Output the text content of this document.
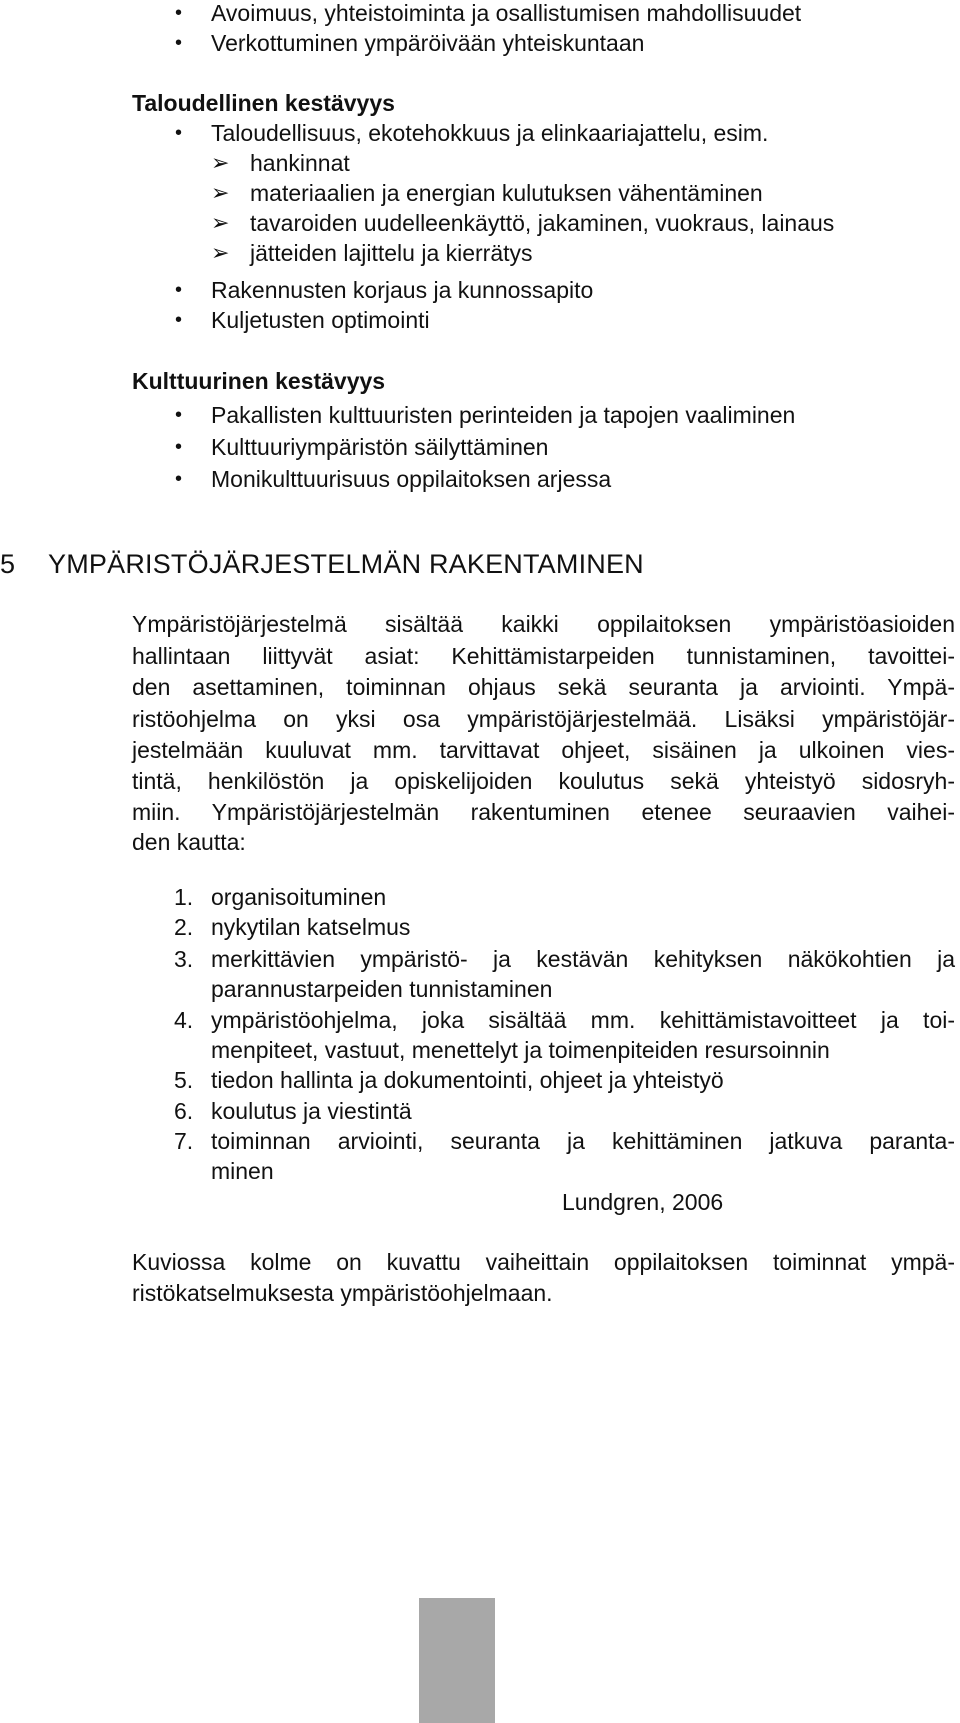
• Avoimuus, yhteistoiminta ja osallistumisen mahdollisuudet
• Verkottuminen ympäröivään yhteiskuntaan
Taloudellinen kestävyys
• Taloudellisuus, ekotehokkuus ja elinkaariajattelu, esim.
➢ hankinnat
➢ materiaalien ja energian kulutuksen vähentäminen
➢ tavaroiden uudelleenkäyttö, jakaminen, vuokraus, lainaus
➢ jätteiden lajittelu ja kierrätys
• Rakennusten korjaus ja kunnossapito
• Kuljetusten optimointi
Kulttuurinen kestävyys
• Pakallisten kulttuuristen perinteiden ja tapojen vaaliminen
• Kulttuuriympäristön säilyttäminen
• Monikulttuurisuus oppilaitoksen arjessa
5 YMPÄRISTÖJÄRJESTELMÄN RAKENTAMINEN
Ympäristöjärjestelmä sisältää kaikki oppilaitoksen ympäristöasioiden
hallintaan liittyvät asiat: Kehittämistarpeiden tunnistaminen, tavoittei-
den asettaminen, toiminnan ohjaus sekä seuranta ja arviointi. Ympä-
ristöohjelma on yksi osa ympäristöjärjestelmää. Lisäksi ympäristöjär-
jestelmään kuuluvat mm. tarvittavat ohjeet, sisäinen ja ulkoinen vies-
tintä, henkilöstön ja opiskelijoiden koulutus sekä yhteistyö sidosryh-
miin. Ympäristöjärjestelmän rakentuminen etenee seuraavien vaihei-
den kautta:
1. organisoituminen
2. nykytilan katselmus
3. merkittävien ympäristö- ja kestävän kehityksen näkökohtien ja
parannustarpeiden tunnistaminen
4. ympäristöohjelma, joka sisältää mm. kehittämistavoitteet ja toi-
menpiteet, vastuut, menettelyt ja toimenpiteiden resursoinnin
5. tiedon hallinta ja dokumentointi, ohjeet ja yhteistyö
6. koulutus ja viestintä
7. toiminnan arviointi, seuranta ja kehittäminen jatkuva paranta-
minen
Lundgren, 2006
Kuviossa kolme on kuvattu vaiheittain oppilaitoksen toiminnat ympä-
ristökatselmuksesta ympäristöohjelmaan.
